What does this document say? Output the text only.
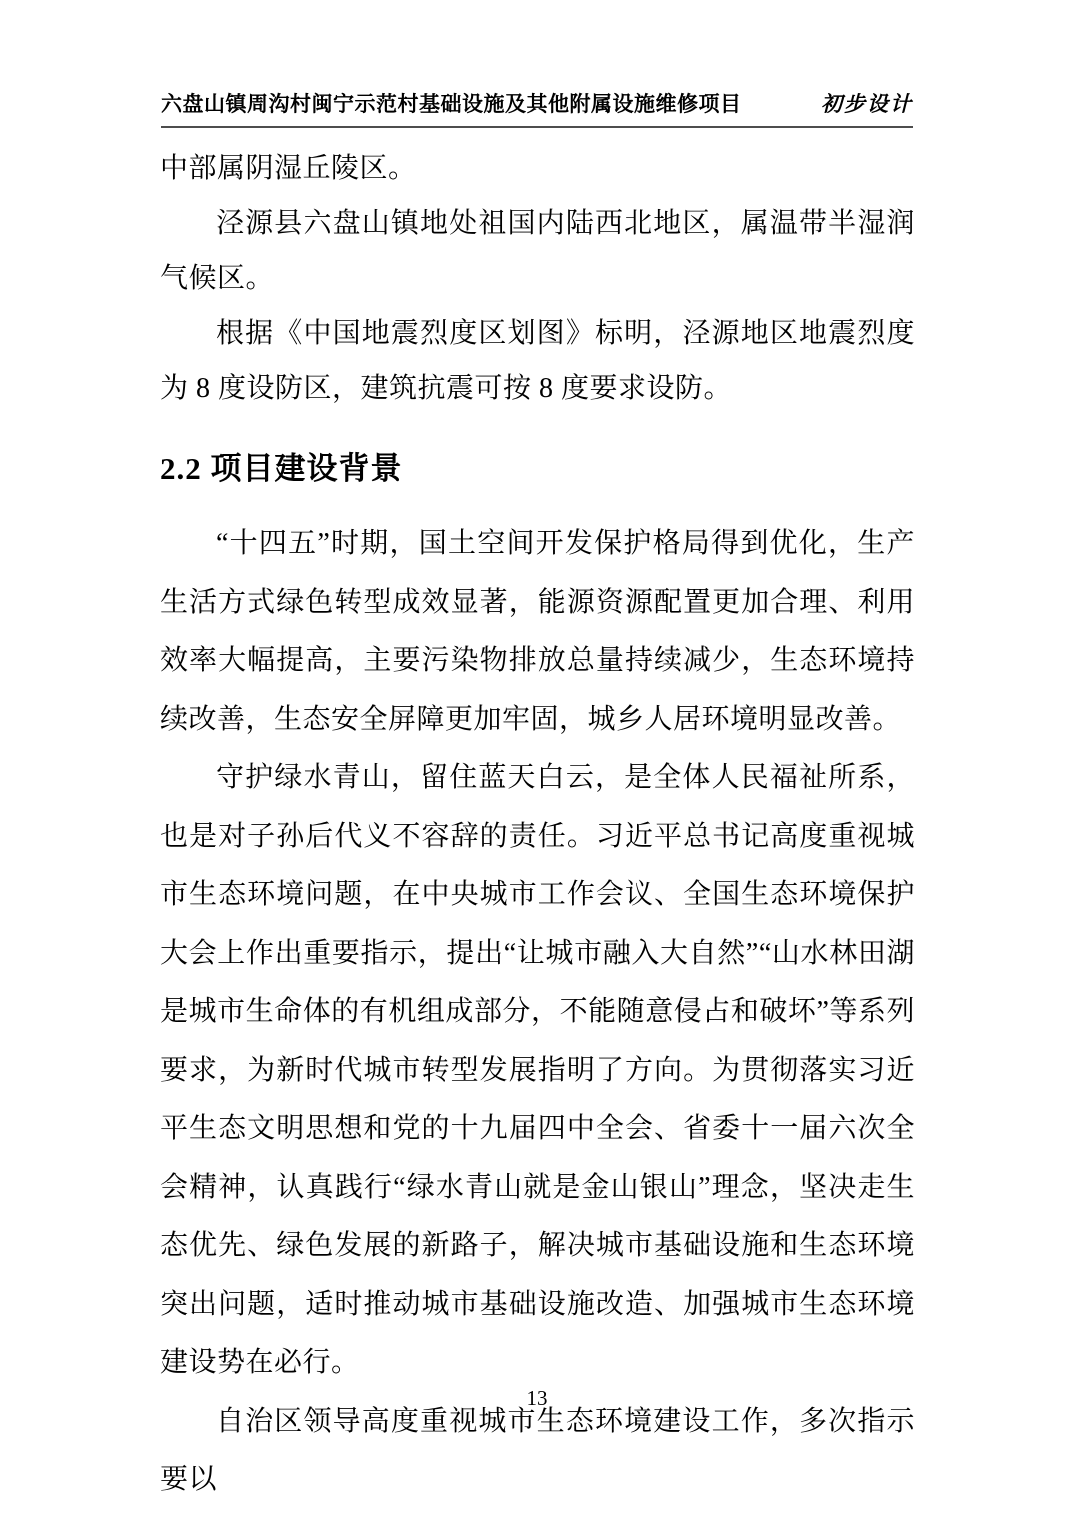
六盘山镇周沟村闽宁示范村基础设施及其他附属设施维修项目	初步设计

中部属阴湿丘陵区。

泾源县六盘山镇地处祖国内陆西北地区，属温带半湿润气候区。

根据《中国地震烈度区划图》标明，泾源地区地震烈度为 8 度设防区，建筑抗震可按 8 度要求设防。

2.2 项目建设背景

“十四五”时期，国土空间开发保护格局得到优化，生产生活方式绿色转型成效显著，能源资源配置更加合理、利用效率大幅提高，主要污染物排放总量持续减少，生态环境持续改善，生态安全屏障更加牢固，城乡人居环境明显改善。

守护绿水青山，留住蓝天白云，是全体人民福祉所系，也是对子孙后代义不容辞的责任。习近平总书记高度重视城市生态环境问题，在中央城市工作会议、全国生态环境保护大会上作出重要指示，提出“让城市融入大自然”“山水林田湖是城市生命体的有机组成部分，不能随意侵占和破坏”等系列要求，为新时代城市转型发展指明了方向。为贯彻落实习近平生态文明思想和党的十九届四中全会、省委十一届六次全会精神，认真践行“绿水青山就是金山银山”理念，坚决走生态优先、绿色发展的新路子，解决城市基础设施和生态环境突出问题，适时推动城市基础设施改造、加强城市生态环境建设势在必行。

自治区领导高度重视城市生态环境建设工作，多次指示要以

13
